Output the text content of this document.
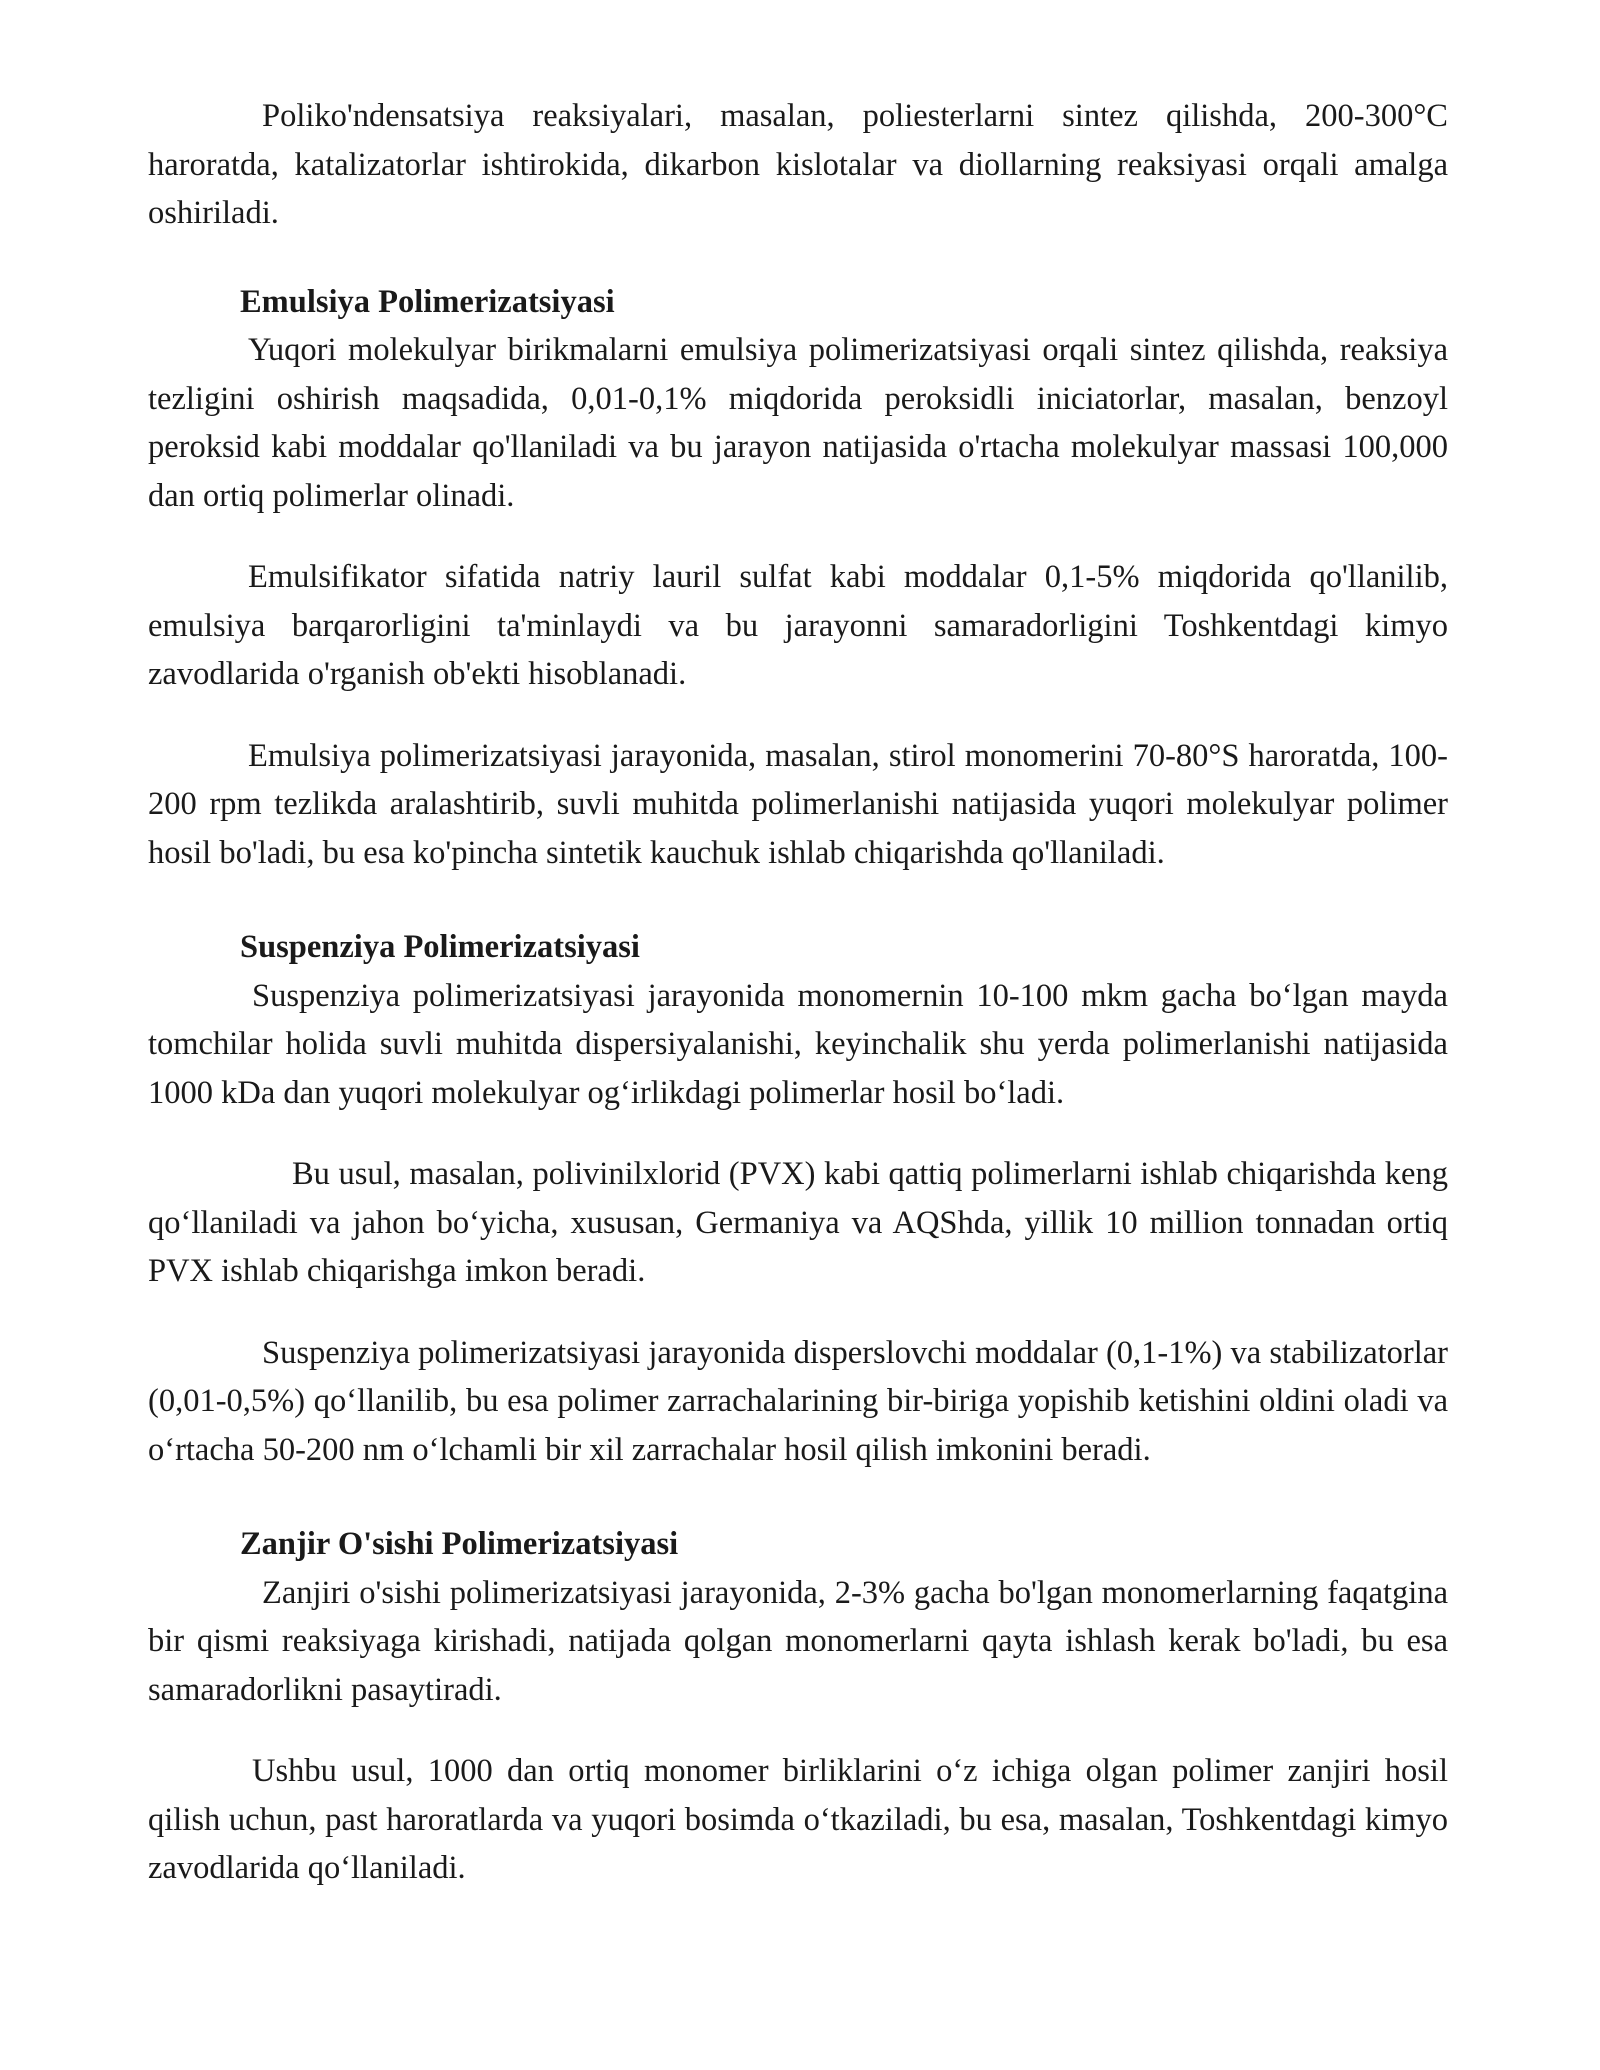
Poliko'ndensatsiya reaksiyalari, masalan, poliesterlarni sintez qilishda, 200-300°C haroratda, katalizatorlar ishtirokida, dikarbon kislotalar va diollarning reaksiyasi orqali amalga oshiriladi.

Emulsiya Polimerizatsiyasi

Yuqori molekulyar birikmalarni emulsiya polimerizatsiyasi orqali sintez qilishda, reaksiya tezligini oshirish maqsadida, 0,01-0,1% miqdorida peroksidli iniciatorlar, masalan, benzoyl peroksid kabi moddalar qo'llaniladi va bu jarayon natijasida o'rtacha molekulyar massasi 100,000 dan ortiq polimerlar olinadi.

Emulsifikator sifatida natriy lauril sulfat kabi moddalar 0,1-5% miqdorida qo'llanilib, emulsiya barqarorligini ta'minlaydi va bu jarayonni samaradorligini Toshkentdagi kimyo zavodlarida o'rganish ob'ekti hisoblanadi.

Emulsiya polimerizatsiyasi jarayonida, masalan, stirol monomerini 70-80°S haroratda, 100-200 rpm tezlikda aralashtirib, suvli muhitda polimerlanishi natijasida yuqori molekulyar polimer hosil bo'ladi, bu esa ko'pincha sintetik kauchuk ishlab chiqarishda qo'llaniladi.

Suspenziya Polimerizatsiyasi

Suspenziya polimerizatsiyasi jarayonida monomernin 10-100 mkm gacha bo‘lgan mayda tomchilar holida suvli muhitda dispersiyalanishi, keyinchalik shu yerda polimerlanishi natijasida 1000 kDa dan yuqori molekulyar og‘irlikdagi polimerlar hosil bo‘ladi.

Bu usul, masalan, polivinilxlorid (PVX) kabi qattiq polimerlarni ishlab chiqarishda keng qo‘llaniladi va jahon bo‘yicha, xususan, Germaniya va AQShda, yillik 10 million tonnadan ortiq PVX ishlab chiqarishga imkon beradi.

Suspenziya polimerizatsiyasi jarayonida disperslovchi moddalar (0,1-1%) va stabilizatorlar (0,01-0,5%) qo‘llanilib, bu esa polimer zarrachalarining bir-biriga yopishib ketishini oldini oladi va o‘rtacha 50-200 nm o‘lchamli bir xil zarrachalar hosil qilish imkonini beradi.

Zanjir O'sishi Polimerizatsiyasi

Zanjiri o'sishi polimerizatsiyasi jarayonida, 2-3% gacha bo'lgan monomerlarning faqatgina bir qismi reaksiyaga kirishadi, natijada qolgan monomerlarni qayta ishlash kerak bo'ladi, bu esa samaradorlikni pasaytiradi.

Ushbu usul, 1000 dan ortiq monomer birliklarini o‘z ichiga olgan polimer zanjiri hosil qilish uchun, past haroratlarda va yuqori bosimda o‘tkaziladi, bu esa, masalan, Toshkentdagi kimyo zavodlarida qo‘llaniladi.
